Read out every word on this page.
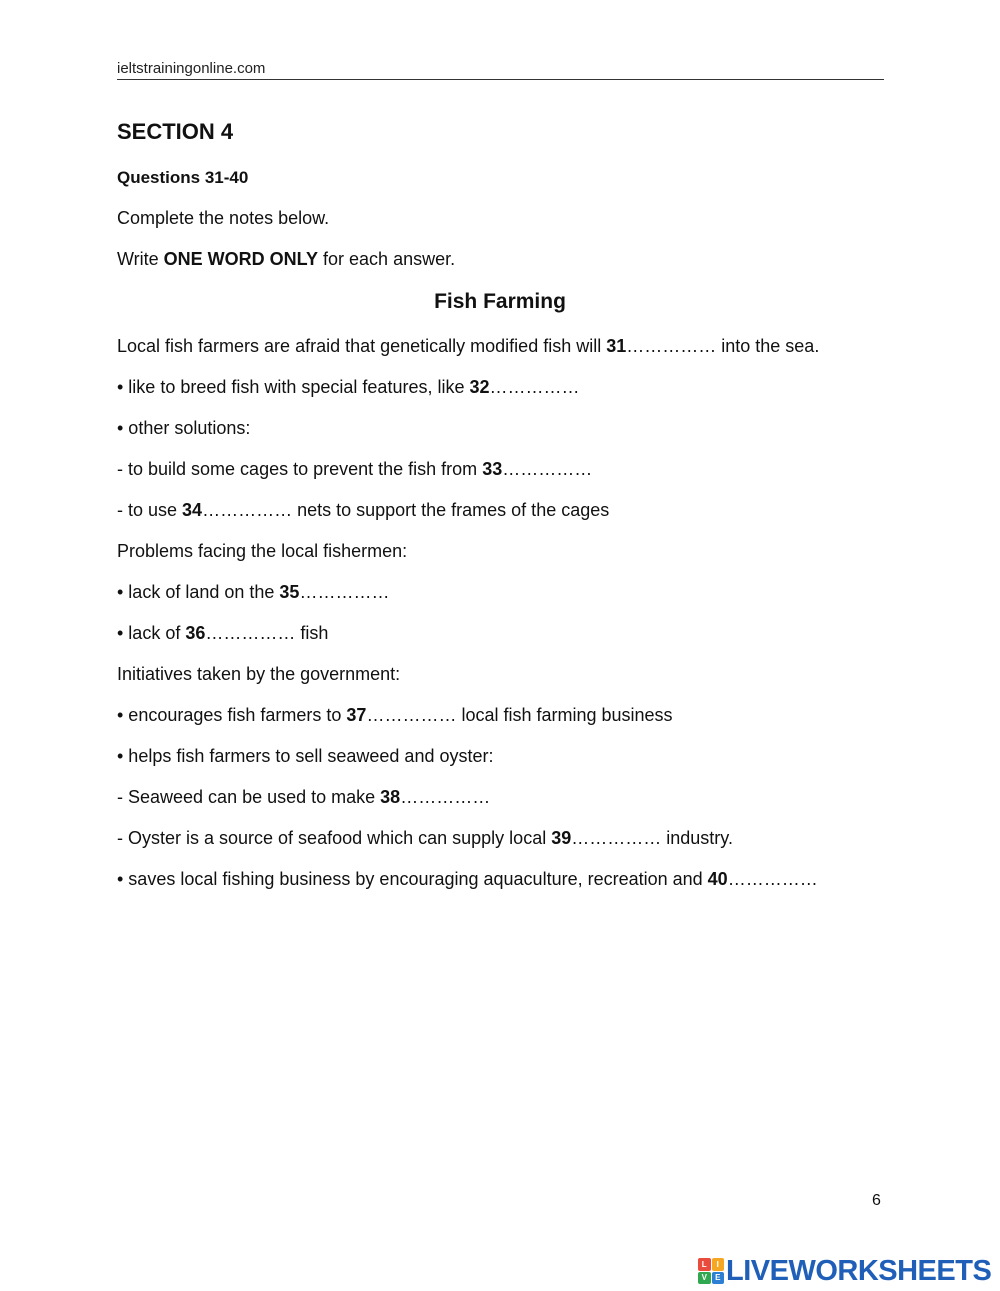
ieltstrainingonline.com
SECTION 4

Questions 31-40

Complete the notes below.

Write ONE WORD ONLY for each answer.

Fish Farming

Local fish farmers are afraid that genetically modified fish will 31…………… into the sea.

• like to breed fish with special features, like 32……………

• other solutions:

- to build some cages to prevent the fish from 33……………

- to use 34…………… nets to support the frames of the cages

Problems facing the local fishermen:

• lack of land on the 35……………

• lack of 36…………… fish

Initiatives taken by the government:

• encourages fish farmers to 37…………… local fish farming business

• helps fish farmers to sell seaweed and oyster:

- Seaweed can be used to make 38……………

- Oyster is a source of seafood which can supply local 39…………… industry.

• saves local fishing business by encouraging aquaculture, recreation and 40……………

6
L	I
V	E LIVEWORKSHEETS
